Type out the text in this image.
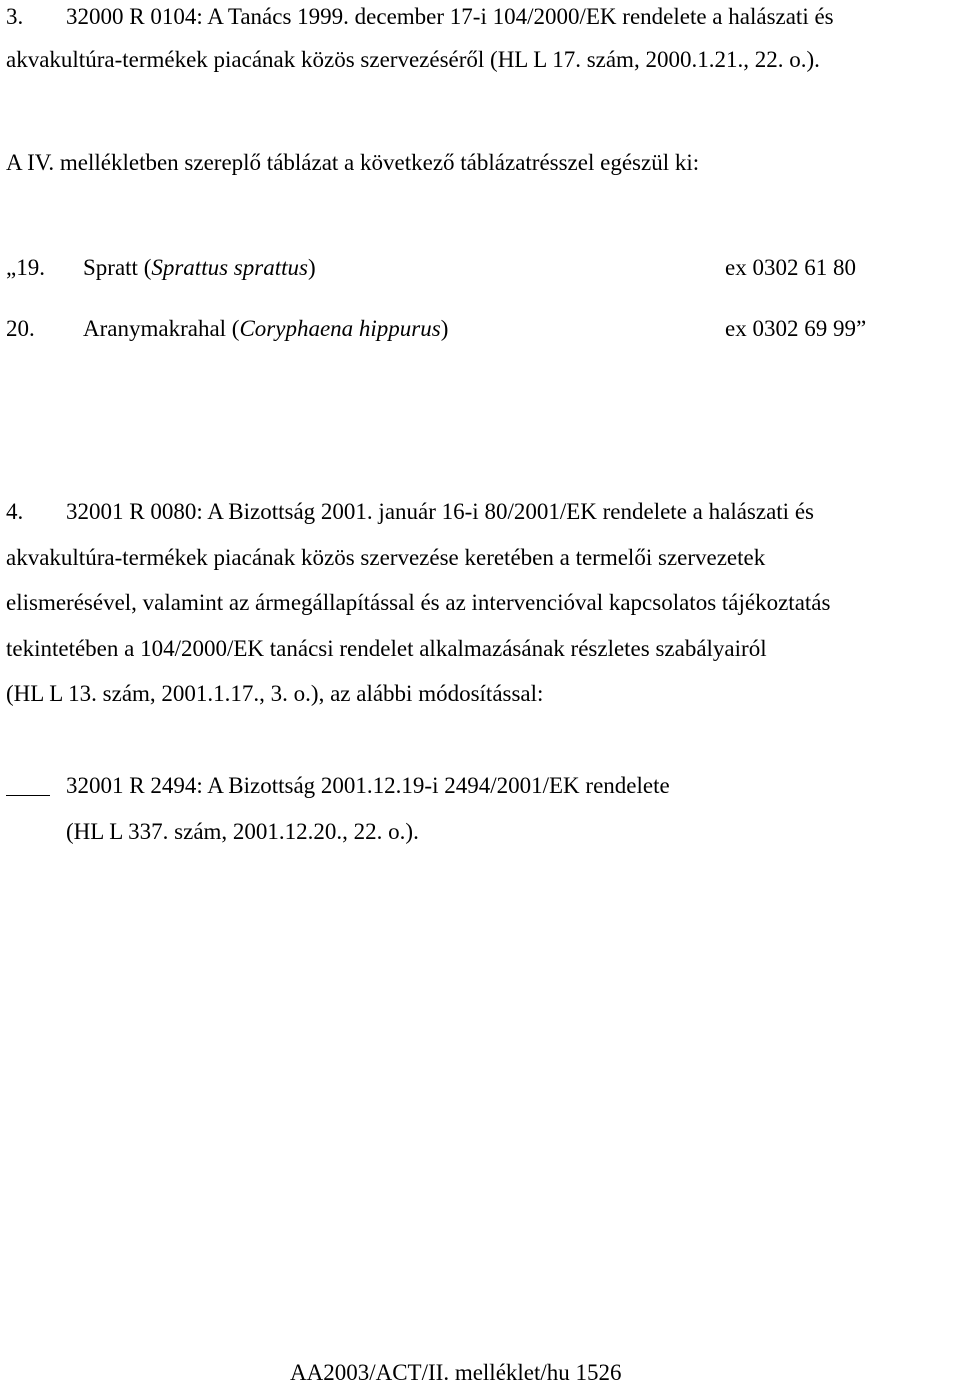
3. 32000 R 0104: A Tanács 1999. december 17-i 104/2000/EK rendelete a halászati és
akvakultúra-termékek piacának közös szervezéséről (HL L 17. szám, 2000.1.21., 22. o.).
A IV. mellékletben szereplő táblázat a következő táblázatrésszel egészül ki:
„19. Spratt (Sprattus sprattus)	ex 0302 61 80
20. Aranymakrahal (Coryphaena hippurus)	ex 0302 69 99”
4. 32001 R 0080: A Bizottság 2001. január 16-i 80/2001/EK rendelete a halászati és
akvakultúra-termékek piacának közös szervezése keretében a termelői szervezetek
elismerésével, valamint az ármegállapítással és az intervencióval kapcsolatos tájékoztatás
tekintetében a 104/2000/EK tanácsi rendelet alkalmazásának részletes szabályairól
(HL L 13. szám, 2001.1.17., 3. o.), az alábbi módosítással:
32001 R 2494: A Bizottság 2001.12.19-i 2494/2001/EK rendelete
(HL L 337. szám, 2001.12.20., 22. o.).
AA2003/ACT/II. melléklet/hu 1526
